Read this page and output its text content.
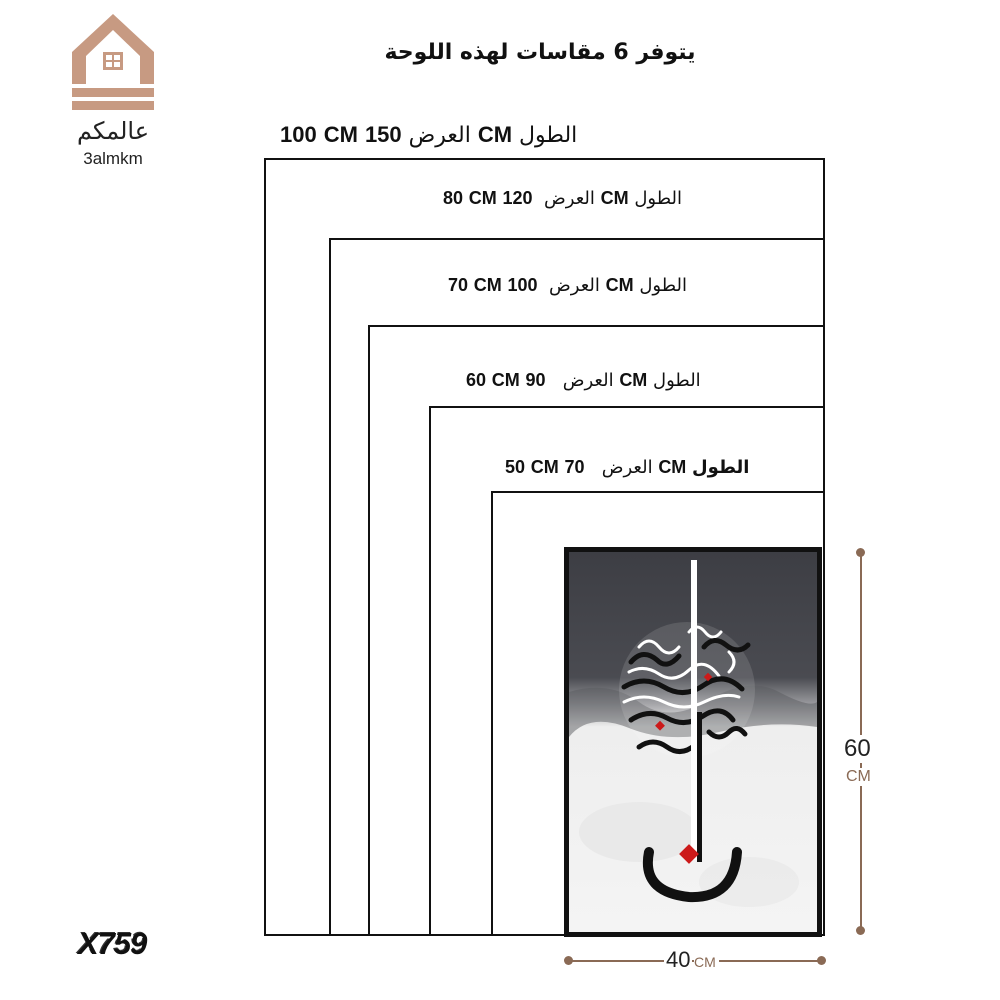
عالمكم
3almkm
يتوفر 6 مقاسات لهذه اللوحة
100 CM العرض 150	CM الطول
80 CM	العرض  120	CM الطول
70 CM	العرض  100	CM الطول
60 CM العرض   90	CM الطول
50 CM العرض   70	CM الطول
60
CM
40 CM
X759
